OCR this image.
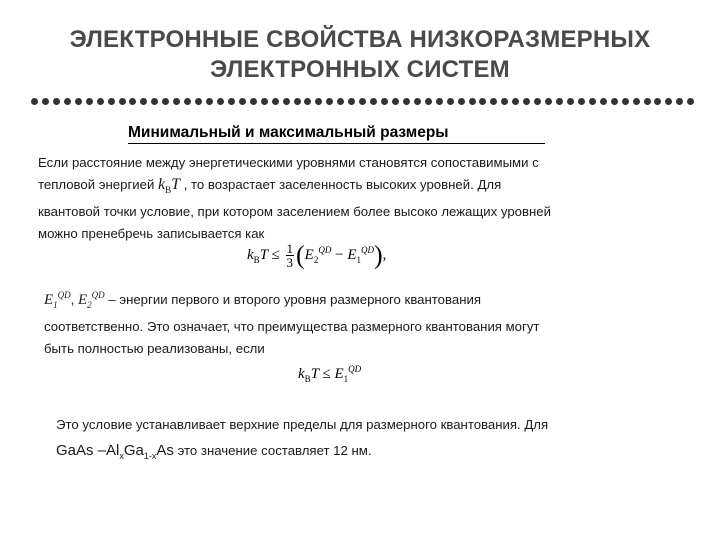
ЭЛЕКТРОННЫЕ СВОЙСТВА НИЗКОРАЗМЕРНЫХ
ЭЛЕКТРОННЫХ СИСТЕМ
Минимальный и максимальный размеры
Если расстояние между энергетическими уровнями становятся сопоставимыми с
тепловой энергией $k_BT$ , то возрастает заселенность высоких уровней. Для
квантовой точки условие, при котором заселением более высоко лежащих уровней
можно пренебречь записывается как
$k_BT \le \frac{1}{3} (E_2^{QD} - E_1^{QD})$,
$E_1^{QD}$, $E_2^{QD}$ – энергии первого и второго уровня размерного квантования
соответственно. Это означает, что преимущества размерного квантования могут
быть полностью реализованы, если
$k_BT \le E_1^{QD}$
Это условие устанавливает верхние пределы для размерного квантования. Для
GaAs $-Al_xGa_{1-x}As$ это значение составляет 12 нм.
